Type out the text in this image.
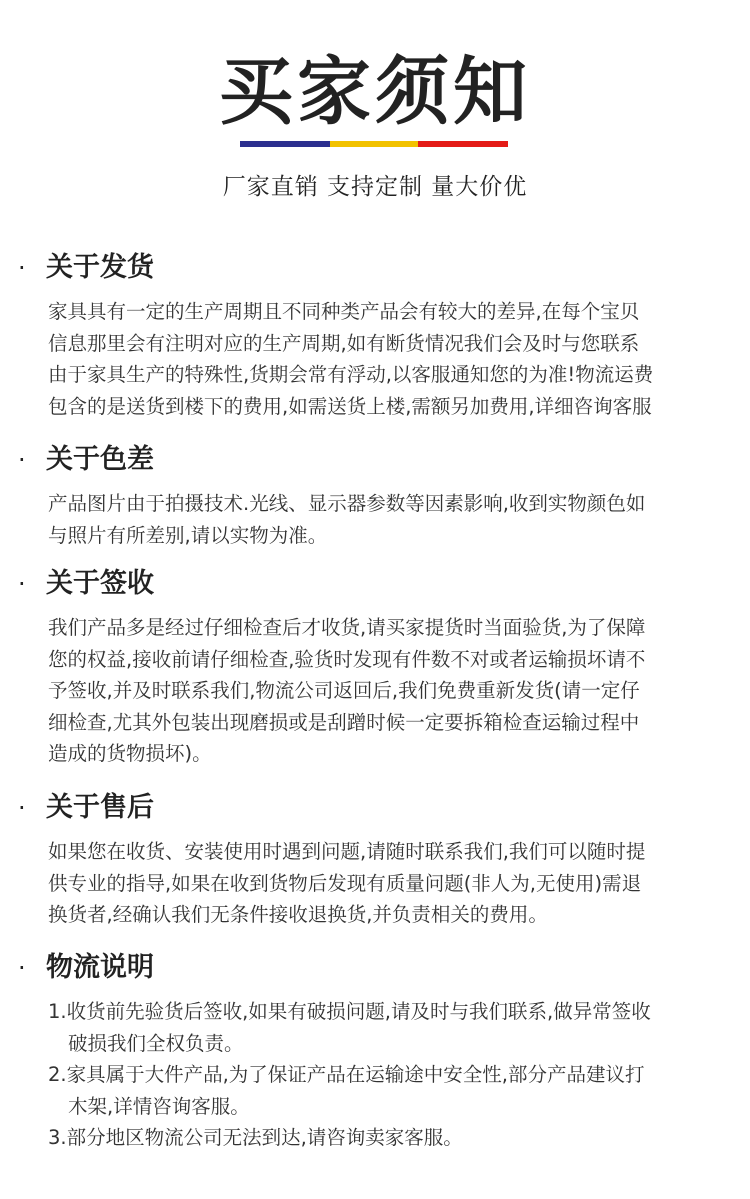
买家须知
厂家直销 支持定制 量大价优
· 关于发货

家具具有一定的生产周期且不同种类产品会有较大的差异,在每个宝贝

信息那里会有注明对应的生产周期,如有断货情况我们会及时与您联系

由于家具生产的特殊性,货期会常有浮动,以客服通知您的为准!物流运费

包含的是送货到楼下的费用,如需送货上楼,需额另加费用,详细咨询客服

· 关于色差

产品图片由于拍摄技术.光线、显示器参数等因素影响,收到实物颜色如

与照片有所差别,请以实物为准。

· 关于签收

我们产品多是经过仔细检查后才收货,请买家提货时当面验货,为了保障

您的权益,接收前请仔细检查,验货时发现有件数不对或者运输损坏请不

予签收,并及时联系我们,物流公司返回后,我们免费重新发货(请一定仔

细检查,尤其外包装出现磨损或是刮蹭时候一定要拆箱检查运输过程中

造成的货物损坏)。

· 关于售后

如果您在收货、安装使用时遇到问题,请随时联系我们,我们可以随时提

供专业的指导,如果在收到货物后发现有质量问题(非人为,无使用)需退

换货者,经确认我们无条件接收退换货,并负责相关的费用。

· 物流说明

1.收货前先验货后签收,如果有破损问题,请及时与我们联系,做异常签收

破损我们全权负责。

2.家具属于大件产品,为了保证产品在运输途中安全性,部分产品建议打

木架,详情咨询客服。

3.部分地区物流公司无法到达,请咨询卖家客服。
